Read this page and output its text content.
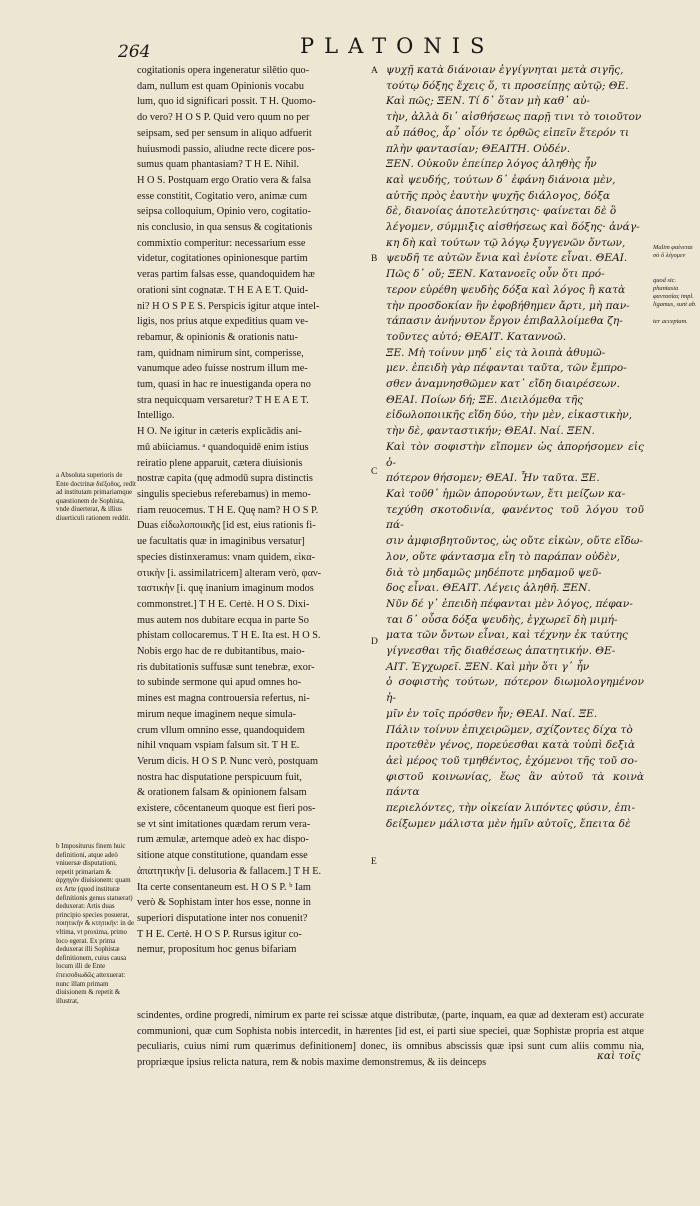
264	PLATONIS

cogitationis opera ingeneratur silētio quo-

dam, nullum est quam Opinionis vocabu

lum, quo id significari possit. T H. Quomo-

do vero? H O S P. Quid vero quum no per

seipsam, sed per sensum in aliquo adfuerit

huiusmodi passio, aliudne recte dicere pos-

sumus quam phantasiam? T H E. Nihil.

H O S. Postquam ergo Oratio vera & falsa

esse constitit, Cogitatio vero, animæ cum

seipsa colloquium, Opinio vero, cogitatio-

nis conclusio, in qua sensus & cogitationis

commixtio comperitur: necessarium esse

videtur, cogitationes opinionesque partim

veras partim falsas esse, quandoquidem hæ

orationi sint cognatæ. T H E A E T. Quid-

ni? H O S P E S. Perspicis igitur atque intel-

ligis, nos prius atque expeditius quam ve-

rebamur, & opinionis & orationis natu-

ram, quidnam nimirum sint, comperisse,

vanumque adeo fuisse nostrum illum me-

tum, quasi in hac re inuestiganda opera no

stra nequicquam versaretur? T H E A E T.

Intelligo.

H O. Ne igitur in cæteris explicādis ani-

mū abiiciamus. ᵃ quandoquidē enim istius

reiratio plene apparuit, cætera diuisionis

nostræ capita (quę admodū supra distinctis

singulis speciebus referebamus) in memo-

riam reuocemus. T H E. Quę nam? H O S P.

Duas εἰδωλοποιικῆς [id est, eius rationis fi-

ue facultatis quæ in imaginibus versatur]

species distinxeramus: vnam quidem, εἰκα-

στικὴν [i. assimilatricem] alteram verò, φαν-

ταστικὴν [i. quę inanium imaginum modos

commonstret.] T H E. Certè. H O S. Dixi-

mus autem nos dubitare ecqua in parte So

phistam collocaremus. T H E. Ita est. H O S.

Nobis ergo hac de re dubitantibus, maio-

ris dubitationis suffusæ sunt tenebræ, exor-

to subinde sermone qui apud omnes ho-

mines est magna controuersia refertus, ni-

mirum neque imaginem neque simula-

crum vllum omnino esse, quandoquidem

nihil vnquam vspiam falsum sit. T H E.

Verum dicis. H O S P. Nunc verò, postquam

nostra hac disputatione perspicuum fuit,

& orationem falsam & opinionem falsam

existere, cōcentaneum quoque est fieri pos-

se vt sint imitationes quædam rerum vera-

rum æmulæ, artemque adeò ex hac dispo-

sitione atque constitutione, quandam esse

ἀπατητικὴν [i. delusoria & fallacem.] T H E.

Ita certe consentaneum est. H O S P. ᵇ Iam

verò & Sophistam inter hos esse, nonne in

superiori disputatione inter nos conuenit?

T H E. Certè. H O S P. Rursus igitur co-

nemur, propositum hoc genus bifariam

ψυχῇ κατὰ διάνοιαν ἐγγίγνηται μετὰ σιγῆς,

τούτῳ δόξης ἔχεις ὅ, τι προσείπῃς αὐτῷ; ΘΕ.

Καὶ πῶς; ΞΕΝ. Τί δ᾽ ὅταν μὴ καθ᾽ αὑ-

τὴν, ἀλλὰ δι᾽ αἰσθήσεως παρῇ τινι τὸ τοιοῦτον

αὖ πάθος, ἆρ᾽ οἷόν τε ὀρθῶς εἰπεῖν ἕτερόν τι

πλὴν φαντασίαν; ΘΕΑΙΤΗ. Οὐδέν.

ΞΕΝ. Οὐκοῦν ἐπείπερ λόγος ἀληθὴς ἦν

καὶ ψευδής, τούτων δ᾽ ἐφάνη διάνοια μὲν,

αὐτῆς πρὸς ἑαυτὴν ψυχῆς διάλογος, δόξα

δὲ, διανοίας ἀποτελεύτησις· φαίνεται δὲ ὃ

λέγομεν, σύμμιξις αἰσθήσεως καὶ δόξης· ἀνάγ-

κη δὴ καὶ τούτων τῷ λόγῳ ξυγγενῶν ὄντων,

ψευδῆ τε αὐτῶν ἔνια καὶ ἐνίοτε εἶναι. ΘΕΑΙ.

Πῶς δ᾽ οὔ; ΞΕΝ. Κατανοεῖς οὖν ὅτι πρό-

τερον εὑρέθη ψευδὴς δόξα καὶ λόγος ἢ κατὰ

τὴν προσδοκίαν ἣν ἐφοβήθημεν ἄρτι, μὴ παν-

τάπασιν ἀνήνυτον ἔργον ἐπιβαλλοίμεθα ζη-

τοῦντες αὐτό; ΘΕΑΙΤ. Καταννοῶ.

ΞΕ. Μὴ τοίνυν μηδ᾽ εἰς τὰ λοιπὰ ἀθυμῶ-

μεν. ἐπειδὴ γὰρ πέφανται ταῦτα, τῶν ἔμπρο-

σθεν ἀναμνησθῶμεν κατ᾽ εἴδη διαιρέσεων.

ΘΕΑΙ. Ποίων δή; ΞΕ. Διειλόμεθα τῆς

εἰδωλοποιικῆς εἴδη δύο, τὴν μὲν, εἰκαστικὴν,

τὴν δὲ, φανταστικήν; ΘΕΑΙ. Ναί. ΞΕΝ.

Καὶ τὸν σοφιστὴν εἴπομεν ὡς ἀπορήσομεν εἰς ὁ-

πότερον θήσομεν; ΘΕΑΙ. Ἦν ταῦτα. ΞΕ.

Καὶ τοῦθ᾽ ἡμῶν ἀπορούντων, ἔτι μείζων κα-

τεχύθη σκοτοδινία, φανέντος τοῦ λόγου τοῦ πά-

σιν ἀμφισβητοῦντος, ὡς οὔτε εἰκὼν, οὔτε εἴδω-

λον, οὔτε φάντασμα εἴη τὸ παράπαν οὐδὲν,

διὰ τὸ μηδαμῶς μηδέποτε μηδαμοῦ ψεῦ-

δος εἶναι. ΘΕΑΙΤ. Λέγεις ἀληθῆ. ΞΕΝ.

Νῦν δέ γ᾽ ἐπειδὴ πέφανται μὲν λόγος, πέφαν-

ται δ᾽ οὖσα δόξα ψευδὴς, ἐγχωρεῖ δὴ μιμή-

ματα τῶν ὄντων εἶναι, καὶ τέχνην ἐκ ταύτης

γίγνεσθαι τῆς διαθέσεως ἀπατητικήν. ΘΕ-

ΑΙΤ. Ἐγχωρεῖ. ΞΕΝ. Καὶ μὴν ὅτι γ᾽ ἦν

ὁ σοφιστὴς τούτων, πότερον διωμολογημένον ἡ-

μῖν ἐν τοῖς πρόσθεν ἦν; ΘΕΑΙ. Ναί. ΞΕ.

Πάλιν τοίνυν ἐπιχειρῶμεν, σχίζοντες δίχα τὸ

προτεθὲν γένος, πορεύεσθαι κατὰ τοὐπὶ δεξιὰ

ἀεὶ μέρος τοῦ τμηθέντος, ἐχόμενοι τῆς τοῦ σο-

φιστοῦ κοινωνίας, ἕως ἂν αὐτοῦ τὰ κοινὰ πάντα

περιελόντες, τὴν οἰκείαν λιπόντες φύσιν, ἐπι-

δείξωμεν μάλιστα μὲν ἡμῖν αὐτοῖς, ἔπειτα δὲ

A
B
C
D
E
a Absoluta superioris de Ente doctrinæ διέξοδος, redit ad institutam primariamque quæstionem de Sophista, vnde diuerterat, & illius diuerticuli rationem reddit.
b Impositurus finem huic definitioni, atque adeò vniuersæ disputationi, repetit primariam & ἀρχηγὸν diuisionem: quam ex Arte (quod instituræ definitionis genus statuerat) deduxerat: Artis duas principio species posuerat, ποιητικὴν & κτητικήν: in de vltima, vt proxima, primo loco egerat. Ex prima deduxerat illi Sophistæ definitionem, cuius causa locum illi de Ente ἐπεισοδιωδῶς attexuerat: nunc illam primam diuisionem & repetit & illustrat,
Malim φαίνεται σὸ ὃ λέγομεν
quod sic. phantasia φαντασίας impl. ligamus, sunt ab.
ter acceptam.
scindentes, ordine progredi, nimirum ex parte rei scissæ atque distributæ, (parte, inquam, ea quæ ad dexteram est) accurate communioni, quæ cum Sophista nobis intercedit, in hærentes [id est, ei parti siue speciei, quæ Sophistæ propria est atque peculiaris, cuius nimi rum quærimus definitionem] donec, iis omnibus abscissis quæ ipsi sunt cum aliis commu nia, propriæque ipsius relicta natura, rem & nobis maxime demonstremus, & iis deinceps
καὶ τοῖς
